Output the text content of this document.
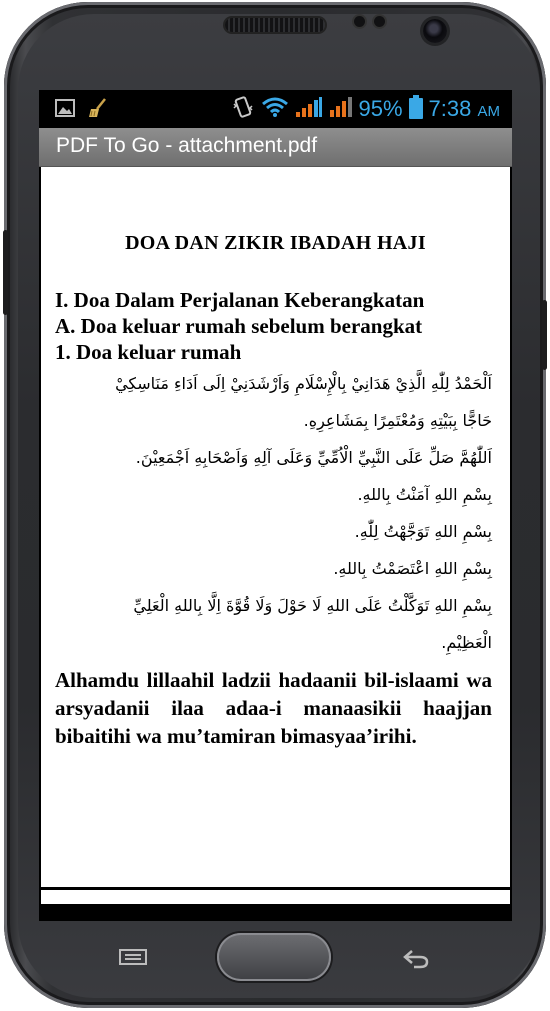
95% 7:38 AM
PDF To Go - attachment.pdf
DOA DAN ZIKIR IBADAH HAJI
I. Doa Dalam Perjalanan Keberangkatan
A. Doa keluar rumah sebelum berangkat
1. Doa keluar rumah
اَلْحَمْدُ لِلّٰهِ الَّذِيْ هَدَانِيْ بِالْإِسْلَامِ وَاَرْشَدَنِيْ اِلَى اَدَاءِ مَنَاسِكِيْ
حَاجًّا بِبَيْتِهِ وَمُعْتَمِرًا بِمَشَاعِرِهِ.
اَللّٰهُمَّ صَلِّ عَلَى النَّبِيِّ الْاُمِّيِّ وَعَلَى آلِهِ وَاَصْحَابِهِ اَجْمَعِيْنَ.
بِسْمِ اللهِ آمَنْتُ بِاللهِ.
بِسْمِ اللهِ تَوَجَّهْتُ لِلّٰهِ.
بِسْمِ اللهِ اعْتَصَمْتُ بِاللهِ.
بِسْمِ اللهِ تَوَكَّلْتُ عَلَى اللهِ لَا حَوْلَ وَلَا قُوَّةَ اِلَّا بِاللهِ الْعَلِيِّ
الْعَظِيْمِ.
Alhamdu lillaahil ladzii hadaanii bil-islaami wa arsyadanii ilaa adaa-i manaasikii haajjan bibaitihi wa mu’tamiran bimasyaa’irihi.
